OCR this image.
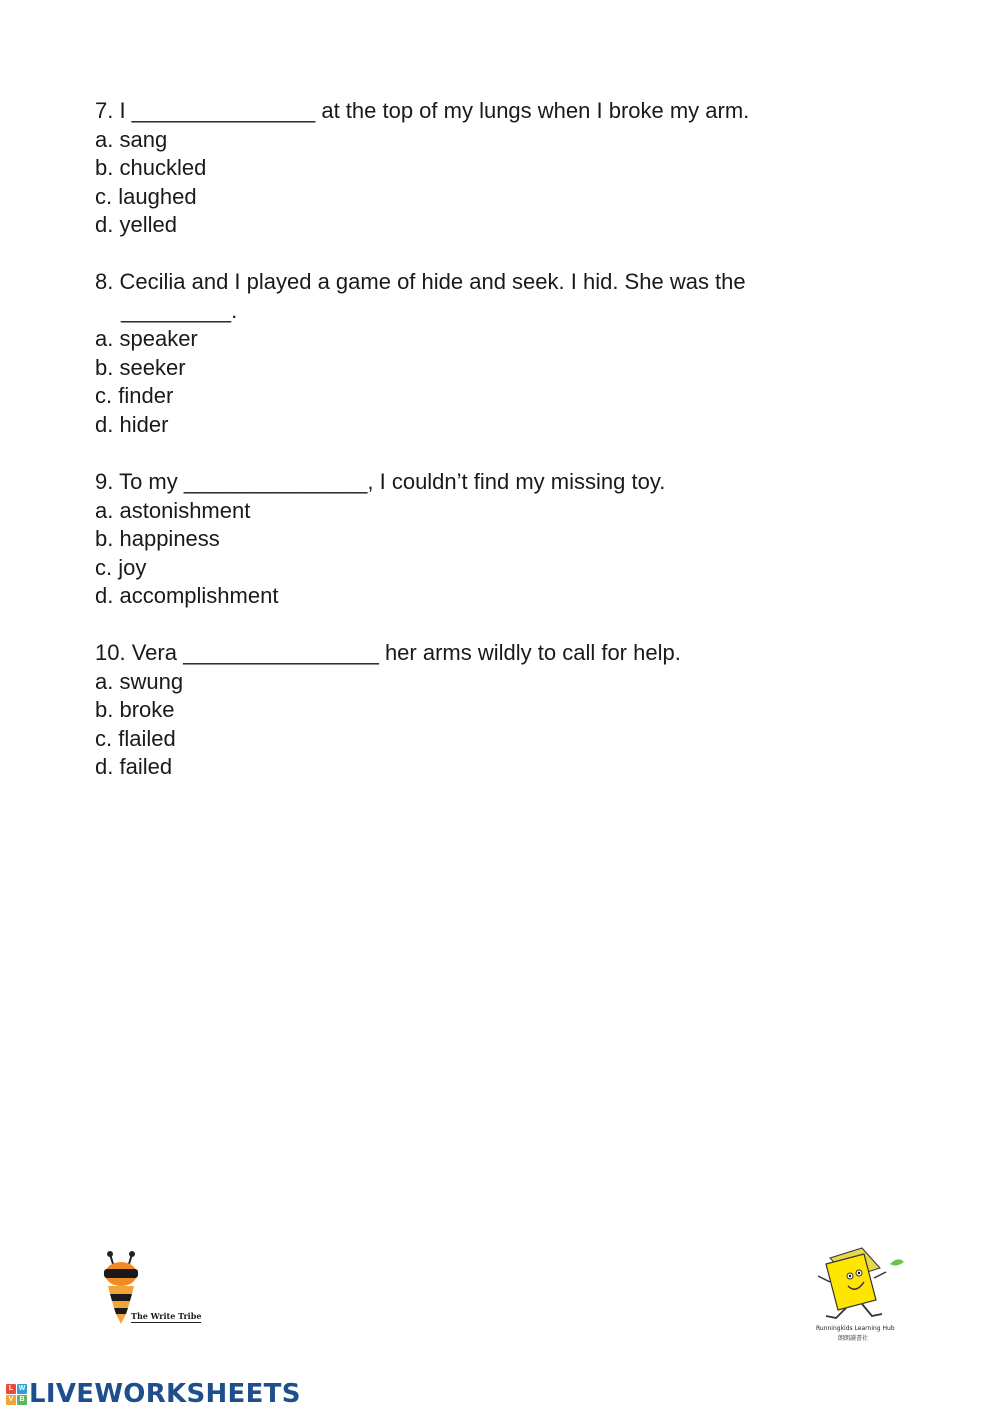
7. I _______________ at the top of my lungs when I broke my arm.

a. sang

b. chuckled

c. laughed

d. yelled

8. Cecilia and I played a game of hide and seek. I hid. She was the

_________.

a. speaker

b. seeker

c. finder

d. hider

9. To my _______________, I couldn’t find my missing toy.

a. astonishment

b. happiness

c. joy

d. accomplishment

10. Vera ________________ her arms wildly to call for help.

a. swung

b. broke

c. flailed

d. failed

The Write Tribe
Runningkids Learning Hub
朗朗讀書社
L W
V B LIVEWORKSHEETS
